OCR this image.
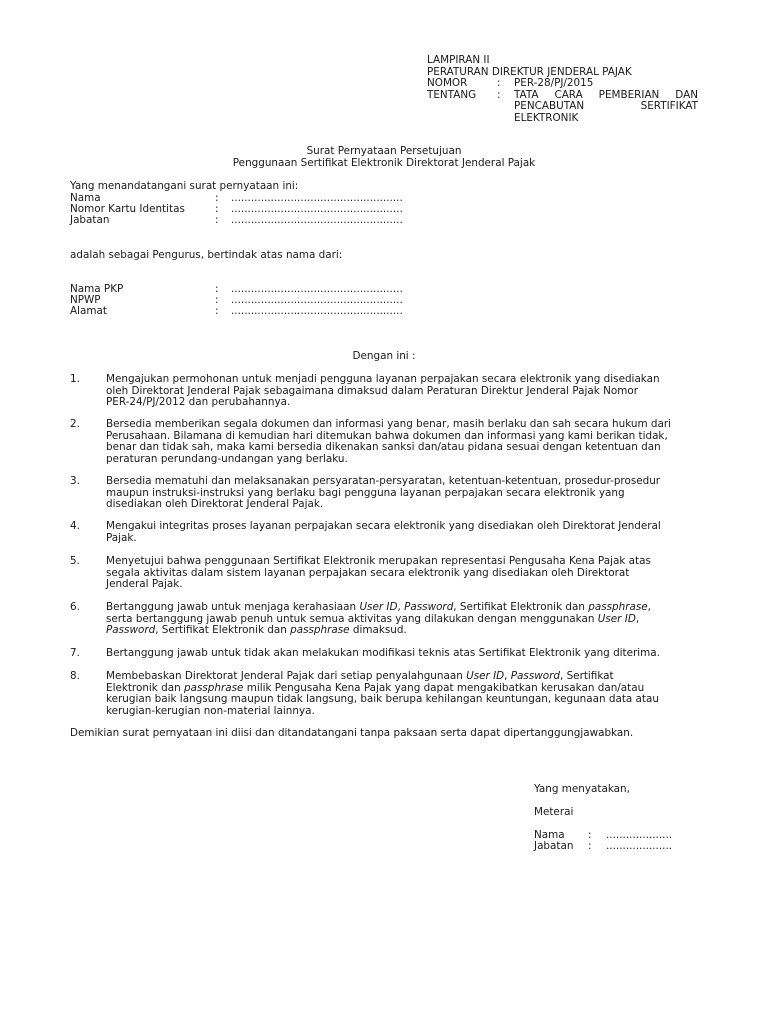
LAMPIRAN II
PERATURAN DIREKTUR JENDERAL PAJAK
NOMOR	:	PER-28/PJ/2015
TENTANG	:	TATA CARA PEMBERIAN DAN
PENCABUTAN SERTIFIKAT
ELEKTRONIK
Surat Pernyataan Persetujuan
Penggunaan Sertifikat Elektronik Direktorat Jenderal Pajak
Yang menandatangani surat pernyataan ini:
Nama	:	....................................................
Nomor Kartu Identitas	:	....................................................
Jabatan	:	....................................................
adalah sebagai Pengurus, bertindak atas nama dari:
Nama PKP	:	....................................................
NPWP	:	....................................................
Alamat	:	....................................................
Dengan ini :
1.	Mengajukan permohonan untuk menjadi pengguna layanan perpajakan secara elektronik yang disediakan
oleh Direktorat Jenderal Pajak sebagaimana dimaksud dalam Peraturan Direktur Jenderal Pajak Nomor
PER-24/PJ/2012 dan perubahannya.
2.	Bersedia memberikan segala dokumen dan informasi yang benar, masih berlaku dan sah secara hukum dari
Perusahaan. Bilamana di kemudian hari ditemukan bahwa dokumen dan informasi yang kami berikan tidak,
benar dan tidak sah, maka kami bersedia dikenakan sanksi dan/atau pidana sesuai dengan ketentuan dan
peraturan perundang-undangan yang berlaku.
3.	Bersedia mematuhi dan melaksanakan persyaratan-persyaratan, ketentuan-ketentuan, prosedur-prosedur
maupun instruksi-instruksi yang berlaku bagi pengguna layanan perpajakan secara elektronik yang
disediakan oleh Direktorat Jenderal Pajak.
4.	Mengakui integritas proses layanan perpajakan secara elektronik yang disediakan oleh Direktorat Jenderal
Pajak.
5.	Menyetujui bahwa penggunaan Sertifikat Elektronik merupakan representasi Pengusaha Kena Pajak atas
segala aktivitas dalam sistem layanan perpajakan secara elektronik yang disediakan oleh Direktorat
Jenderal Pajak.
6.	Bertanggung jawab untuk menjaga kerahasiaan User ID, Password, Sertifikat Elektronik dan passphrase,
serta bertanggung jawab penuh untuk semua aktivitas yang dilakukan dengan menggunakan User ID,
Password, Sertifikat Elektronik dan passphrase dimaksud.
7.	Bertanggung jawab untuk tidak akan melakukan modifikasi teknis atas Sertifikat Elektronik yang diterima.
8.	Membebaskan Direktorat Jenderal Pajak dari setiap penyalahgunaan User ID, Password, Sertifikat
Elektronik dan passphrase milik Pengusaha Kena Pajak yang dapat mengakibatkan kerusakan dan/atau
kerugian baik langsung maupun tidak langsung, baik berupa kehilangan keuntungan, kegunaan data atau
kerugian-kerugian non-material lainnya.
Demikian surat pernyataan ini diisi dan ditandatangani tanpa paksaan serta dapat dipertanggungjawabkan.
Yang menyatakan,
Meterai
Nama	:	....................
Jabatan	:	....................
